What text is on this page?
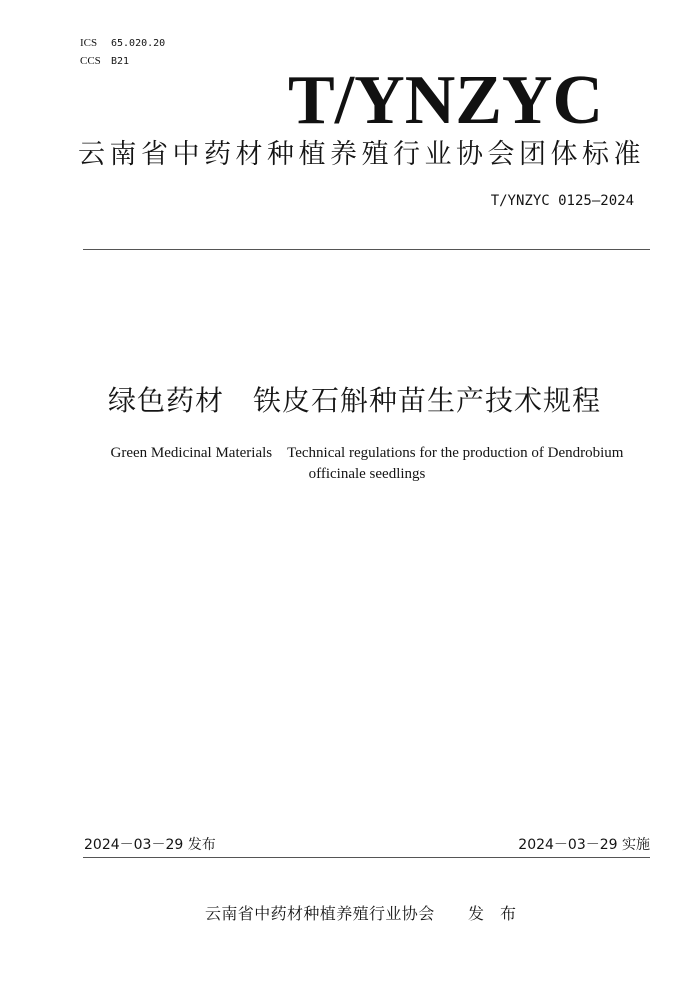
ICS 65.020.20
CCS B21
T/YNZYC
云南省中药材种植养殖行业协会团体标准
T/YNZYC 0125—2024
绿色药材　铁皮石斛种苗生产技术规程
Green Medicinal Materials　Technical regulations for the production of Dendrobium
officinale seedlings
2024－03－29 发布	2024－03－29 实施
云南省中药材种植养殖行业协会 发　布
